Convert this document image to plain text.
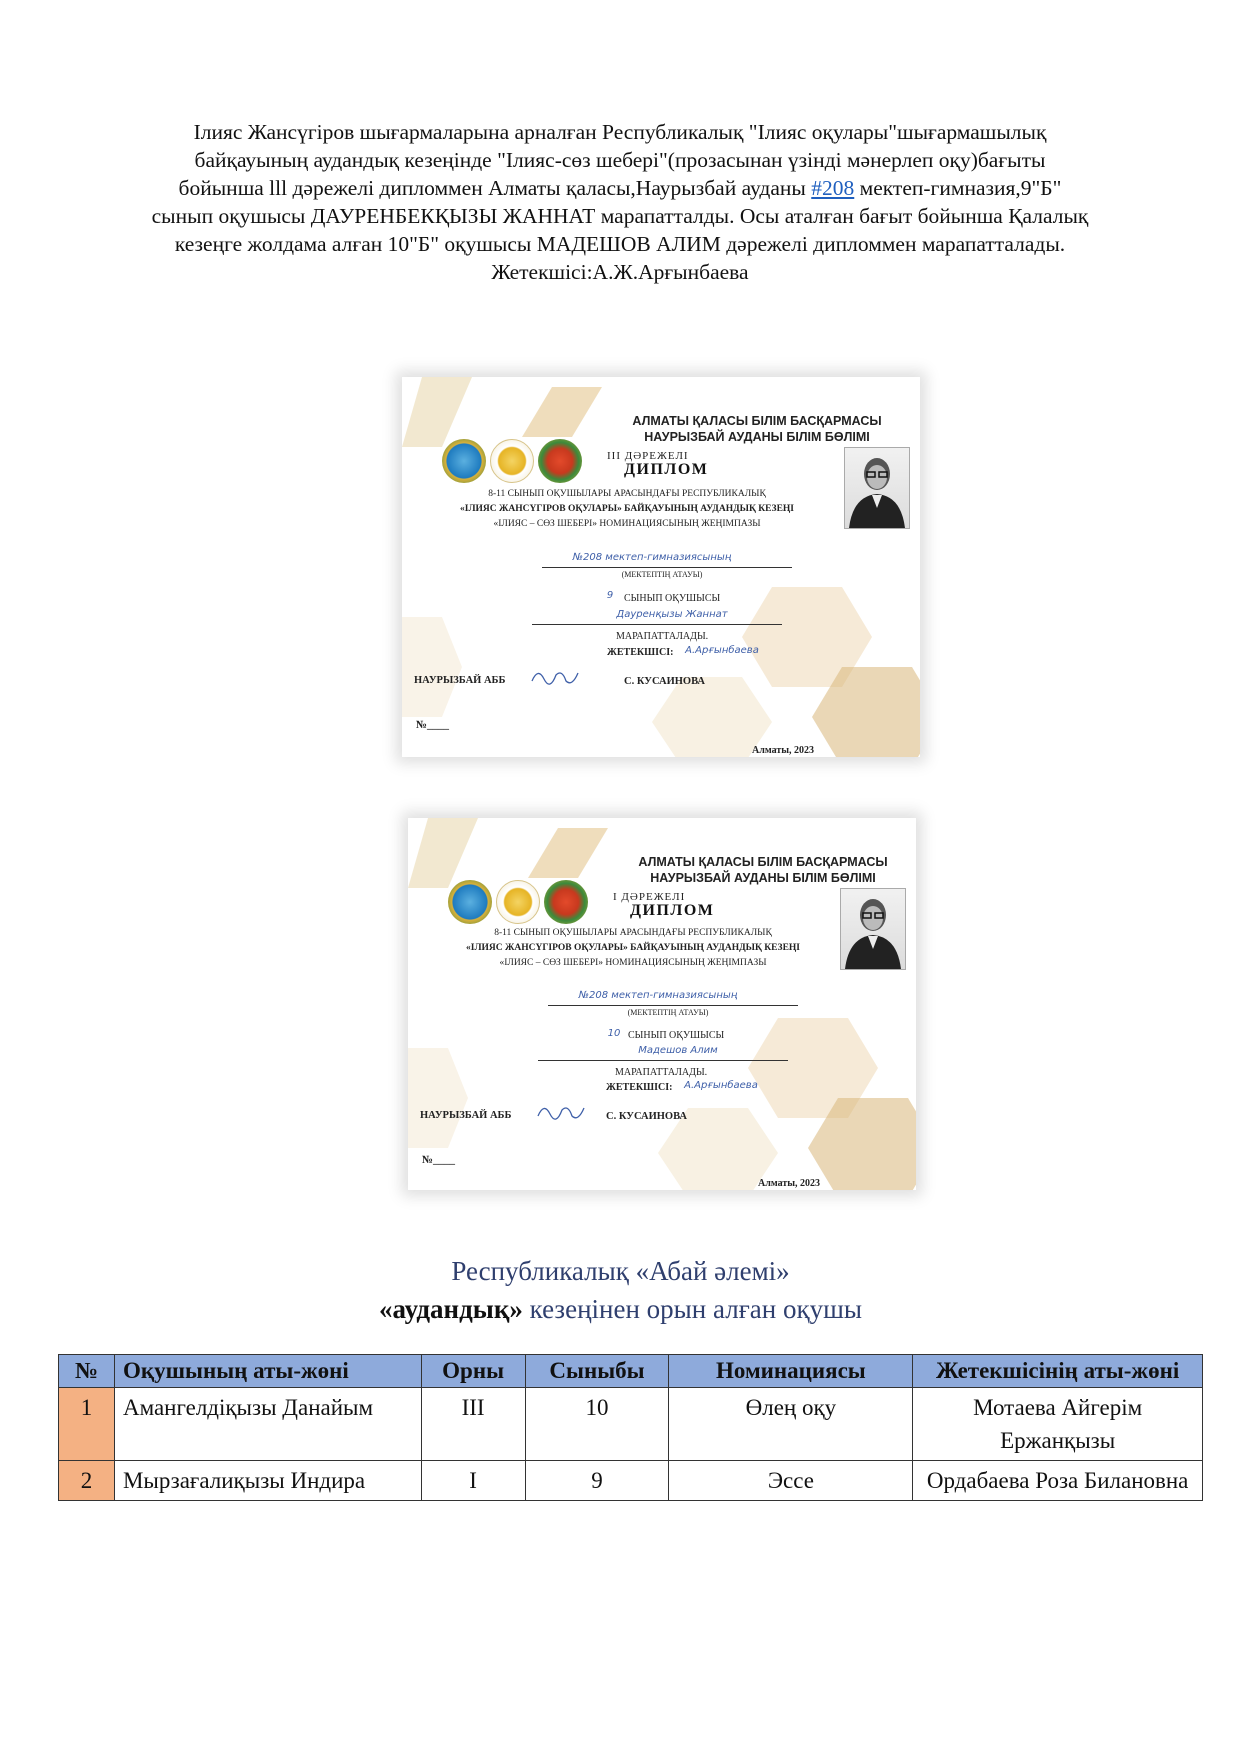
Ілияс Жансүгіров шығармаларына арналған Республикалық "Ілияс оқулары"шығармашылық байқауының аудандық кезеңінде "Ілияс-сөз шебері"(прозасынан үзінді мәнерлеп оқу)бағыты бойынша lll дәрежелі дипломмен Алматы қаласы,Наурызбай ауданы #208 мектеп-гимназия,9"Б" сынып оқушысы ДАУРЕНБЕКҚЫЗЫ ЖАННАТ марапатталды. Осы аталған бағыт бойынша Қалалық кезеңге жолдама алған 10"Б" оқушысы МАДЕШОВ АЛИМ дәрежелі дипломмен марапатталады.
Жетекшісі:А.Ж.Арғынбаева
АЛМАТЫ ҚАЛАСЫ БІЛІМ БАСҚАРМАСЫ
НАУРЫЗБАЙ АУДАНЫ БІЛІМ БӨЛІМІ
III ДӘРЕЖЕЛІ
ДИПЛОМ
8-11 СЫНЫП ОҚУШЫЛАРЫ АРАСЫНДАҒЫ РЕСПУБЛИКАЛЫҚ
«ІЛИЯС ЖАНСҮГІРОВ ОҚУЛАРЫ» БАЙҚАУЫНЫҢ АУДАНДЫҚ КЕЗЕҢІ
«ІЛИЯС – СӨЗ ШЕБЕРІ» НОМИНАЦИЯСЫНЫҢ ЖЕҢІМПАЗЫ
№208 мектеп-гимназиясының
(МЕКТЕПТІҢ АТАУЫ)
9	СЫНЫП ОҚУШЫСЫ
Дауренқызы Жаннат
МАРАПАТТАЛАДЫ.
ЖЕТЕКШІСІ:	А.Арғынбаева
НАУРЫЗБАЙ АББ	С. КУСАИНОВА
№____
Алматы, 2023
АЛМАТЫ ҚАЛАСЫ БІЛІМ БАСҚАРМАСЫ
НАУРЫЗБАЙ АУДАНЫ БІЛІМ БӨЛІМІ
I ДӘРЕЖЕЛІ
ДИПЛОМ
8-11 СЫНЫП ОҚУШЫЛАРЫ АРАСЫНДАҒЫ РЕСПУБЛИКАЛЫҚ
«ІЛИЯС ЖАНСҮГІРОВ ОҚУЛАРЫ» БАЙҚАУЫНЫҢ АУДАНДЫҚ КЕЗЕҢІ
«ІЛИЯС – СӨЗ ШЕБЕРІ» НОМИНАЦИЯСЫНЫҢ ЖЕҢІМПАЗЫ
№208 мектеп-гимназиясының
(МЕКТЕПТІҢ АТАУЫ)
10 СЫНЫП ОҚУШЫСЫ
Мадешов Алим
МАРАПАТТАЛАДЫ.
ЖЕТЕКШІСІ:	А.Арғынбаева
НАУРЫЗБАЙ АББ	С. КУСАИНОВА
№____
Алматы, 2023
Республикалық «Абай әлемі»
«аудандық» кезеңінен орын алған оқушы
№	Оқушының аты-жөні	Орны	Сыныбы	Номинациясы	Жетекшісінің аты-жөні
1	Амангелдіқызы Данайым	III	10	Өлең оқу	Мотаева Айгерім Ержанқызы
2	Мырзағалиқызы Индира	I	9	Эссе	Ордабаева Роза Билановна
